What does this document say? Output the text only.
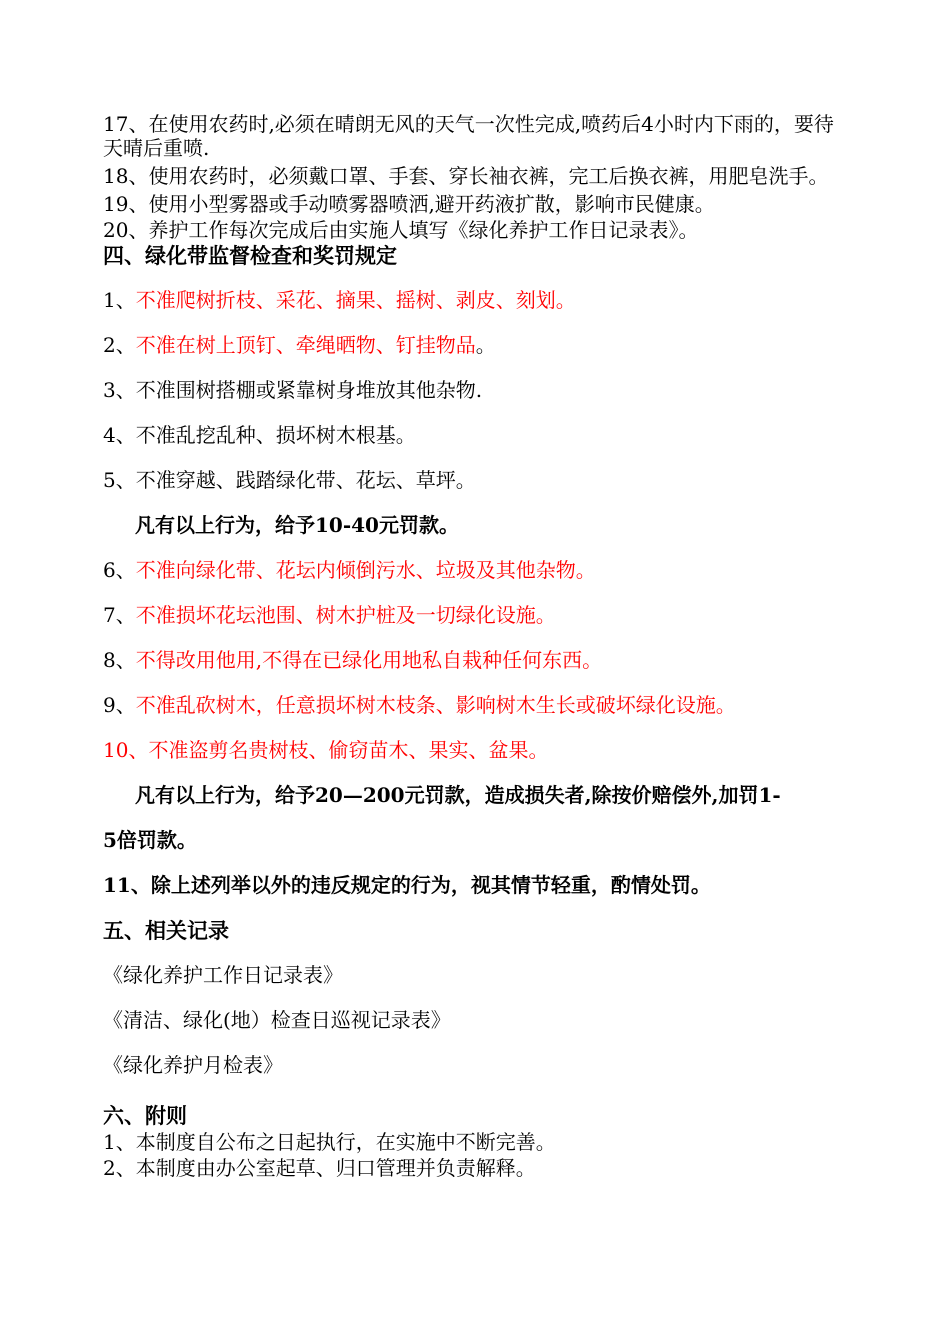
17、在使用农药时,必须在晴朗无风的天气一次性完成,喷药后4小时内下雨的，要待天晴后重喷.
18、使用农药时，必须戴口罩、手套、穿长袖衣裤，完工后换衣裤，用肥皂洗手。
19、使用小型雾器或手动喷雾器喷洒,避开药液扩散，影响市民健康。
20、养护工作每次完成后由实施人填写《绿化养护工作日记录表》。
四、绿化带监督检查和奖罚规定
1、不准爬树折枝、采花、摘果、摇树、剥皮、刻划。
2、不准在树上顶钉、牵绳晒物、钉挂物品。
3、不准围树搭棚或紧靠树身堆放其他杂物.
4、不准乱挖乱种、损坏树木根基。
5、不准穿越、践踏绿化带、花坛、草坪。
凡有以上行为，给予10-40元罚款。
6、不准向绿化带、花坛内倾倒污水、垃圾及其他杂物。
7、不准损坏花坛池围、树木护桩及一切绿化设施。
8、不得改用他用,不得在已绿化用地私自栽种任何东西。
9、不准乱砍树木，任意损坏树木枝条、影响树木生长或破坏绿化设施。
10、不准盗剪名贵树枝、偷窃苗木、果实、盆果。
凡有以上行为，给予20—200元罚款，造成损失者,除按价赔偿外,加罚1-
5倍罚款。
11、除上述列举以外的违反规定的行为，视其情节轻重，酌情处罚。
五、相关记录
《绿化养护工作日记录表》
《清洁、绿化(地）检查日巡视记录表》
《绿化养护月检表》
六、附则
1、本制度自公布之日起执行，在实施中不断完善。
2、本制度由办公室起草、归口管理并负责解释。
